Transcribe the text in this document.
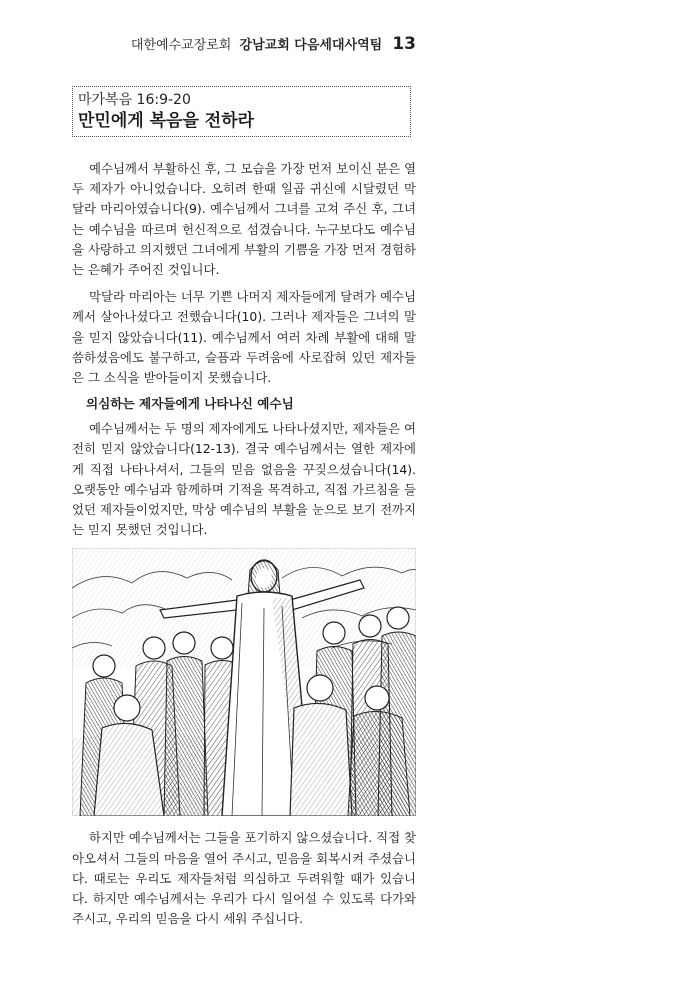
대한예수교장로회 강남교회 다음세대사역팀 13
마가복음 16:9-20
만민에게 복음을 전하라

예수님께서 부활하신 후, 그 모습을 가장 먼저 보이신 분은 열두 제자가 아니었습니다. 오히려 한때 일곱 귀신에 시달렸던 막달라 마리아였습니다(9). 예수님께서 그녀를 고쳐 주신 후, 그녀는 예수님을 따르며 헌신적으로 섬겼습니다. 누구보다도 예수님을 사랑하고 의지했던 그녀에게 부활의 기쁨을 가장 먼저 경험하는 은혜가 주어진 것입니다.

막달라 마리아는 너무 기쁜 나머지 제자들에게 달려가 예수님께서 살아나셨다고 전했습니다(10). 그러나 제자들은 그녀의 말을 믿지 않았습니다(11). 예수님께서 여러 차례 부활에 대해 말씀하셨음에도 불구하고, 슬픔과 두려움에 사로잡혀 있던 제자들은 그 소식을 받아들이지 못했습니다.

의심하는 제자들에게 나타나신 예수님

예수님께서는 두 명의 제자에게도 나타나셨지만, 제자들은 여전히 믿지 않았습니다(12-13). 결국 예수님께서는 열한 제자에게 직접 나타나셔서, 그들의 믿음 없음을 꾸짖으셨습니다(14). 오랫동안 예수님과 함께하며 기적을 목격하고, 직접 가르침을 들었던 제자들이었지만, 막상 예수님의 부활을 눈으로 보기 전까지는 믿지 못했던 것입니다.

하지만 예수님께서는 그들을 포기하지 않으셨습니다. 직접 찾아오셔서 그들의 마음을 열어 주시고, 믿음을 회복시켜 주셨습니다. 때로는 우리도 제자들처럼 의심하고 두려워할 때가 있습니다. 하지만 예수님께서는 우리가 다시 일어설 수 있도록 다가와 주시고, 우리의 믿음을 다시 세워 주십니다.
